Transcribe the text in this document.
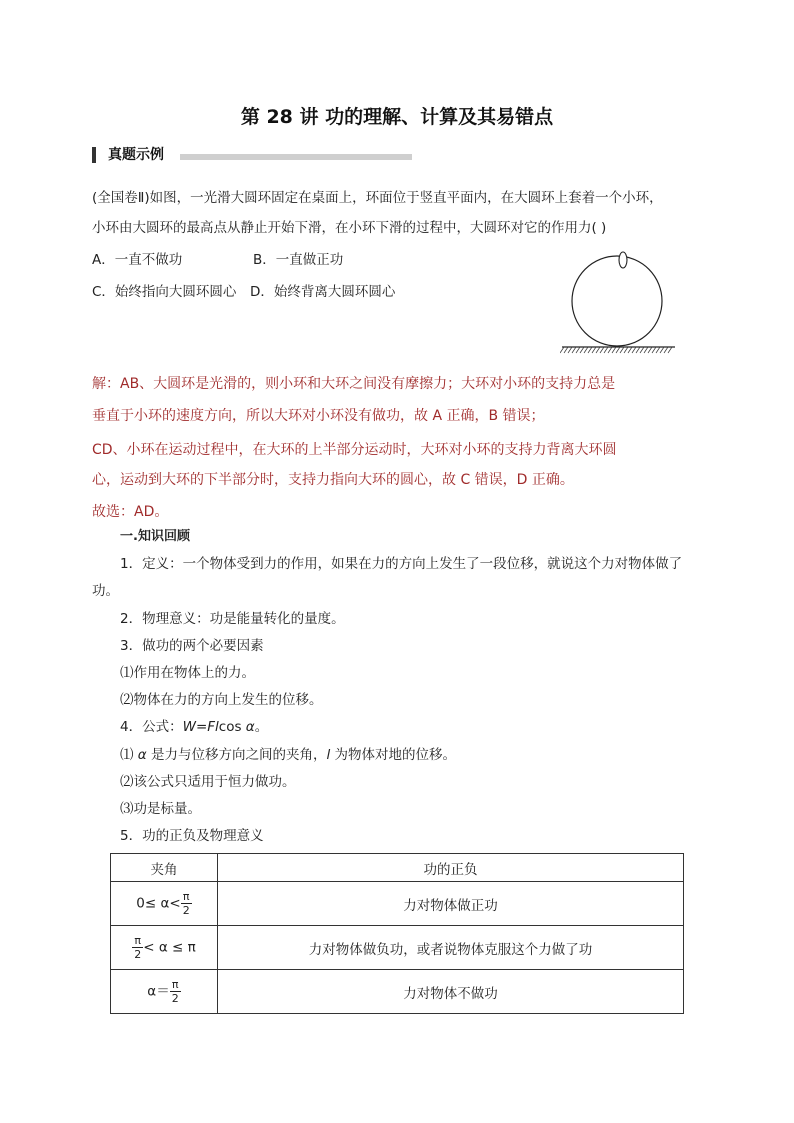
第 28 讲 功的理解、计算及其易错点
真题示例
(全国卷Ⅱ)如图，一光滑大圆环固定在桌面上，环面位于竖直平面内，在大圆环上套着一个小环，
小环由大圆环的最高点从静止开始下滑，在小环下滑的过程中，大圆环对它的作用力( )
A．一直不做功	B．一直做正功
C．始终指向大圆环圆心 D．始终背离大圆环圆心
解：AB、大圆环是光滑的，则小环和大环之间没有摩擦力；大环对小环的支持力总是
垂直于小环的速度方向，所以大环对小环没有做功，故 A 正确，B 错误；
CD、小环在运动过程中，在大环的上半部分运动时，大环对小环的支持力背离大环圆
心，运动到大环的下半部分时，支持力指向大环的圆心，故 C 错误，D 正确。
故选：AD。
一.知识回顾
1．定义：一个物体受到力的作用，如果在力的方向上发生了一段位移，就说这个力对物体做了
功。
2．物理意义：功是能量转化的量度。
3．做功的两个必要因素
⑴作用在物体上的力。
⑵物体在力的方向上发生的位移。
4．公式：W=Flcos α。
⑴ α 是力与位移方向之间的夹角，l 为物体对地的位移。
⑵该公式只适用于恒力做功。
⑶功是标量。
5．功的正负及物理意义
夹角	功的正负
$0\le \alpha< \frac{\pi}{2}$	力对物体做正功

$\frac{\pi}{2} < \alpha \le \pi$	力对物体做负功，或者说物体克服这个力做了功
$\alpha= \frac{\pi}{2}$	力对物体不做功
